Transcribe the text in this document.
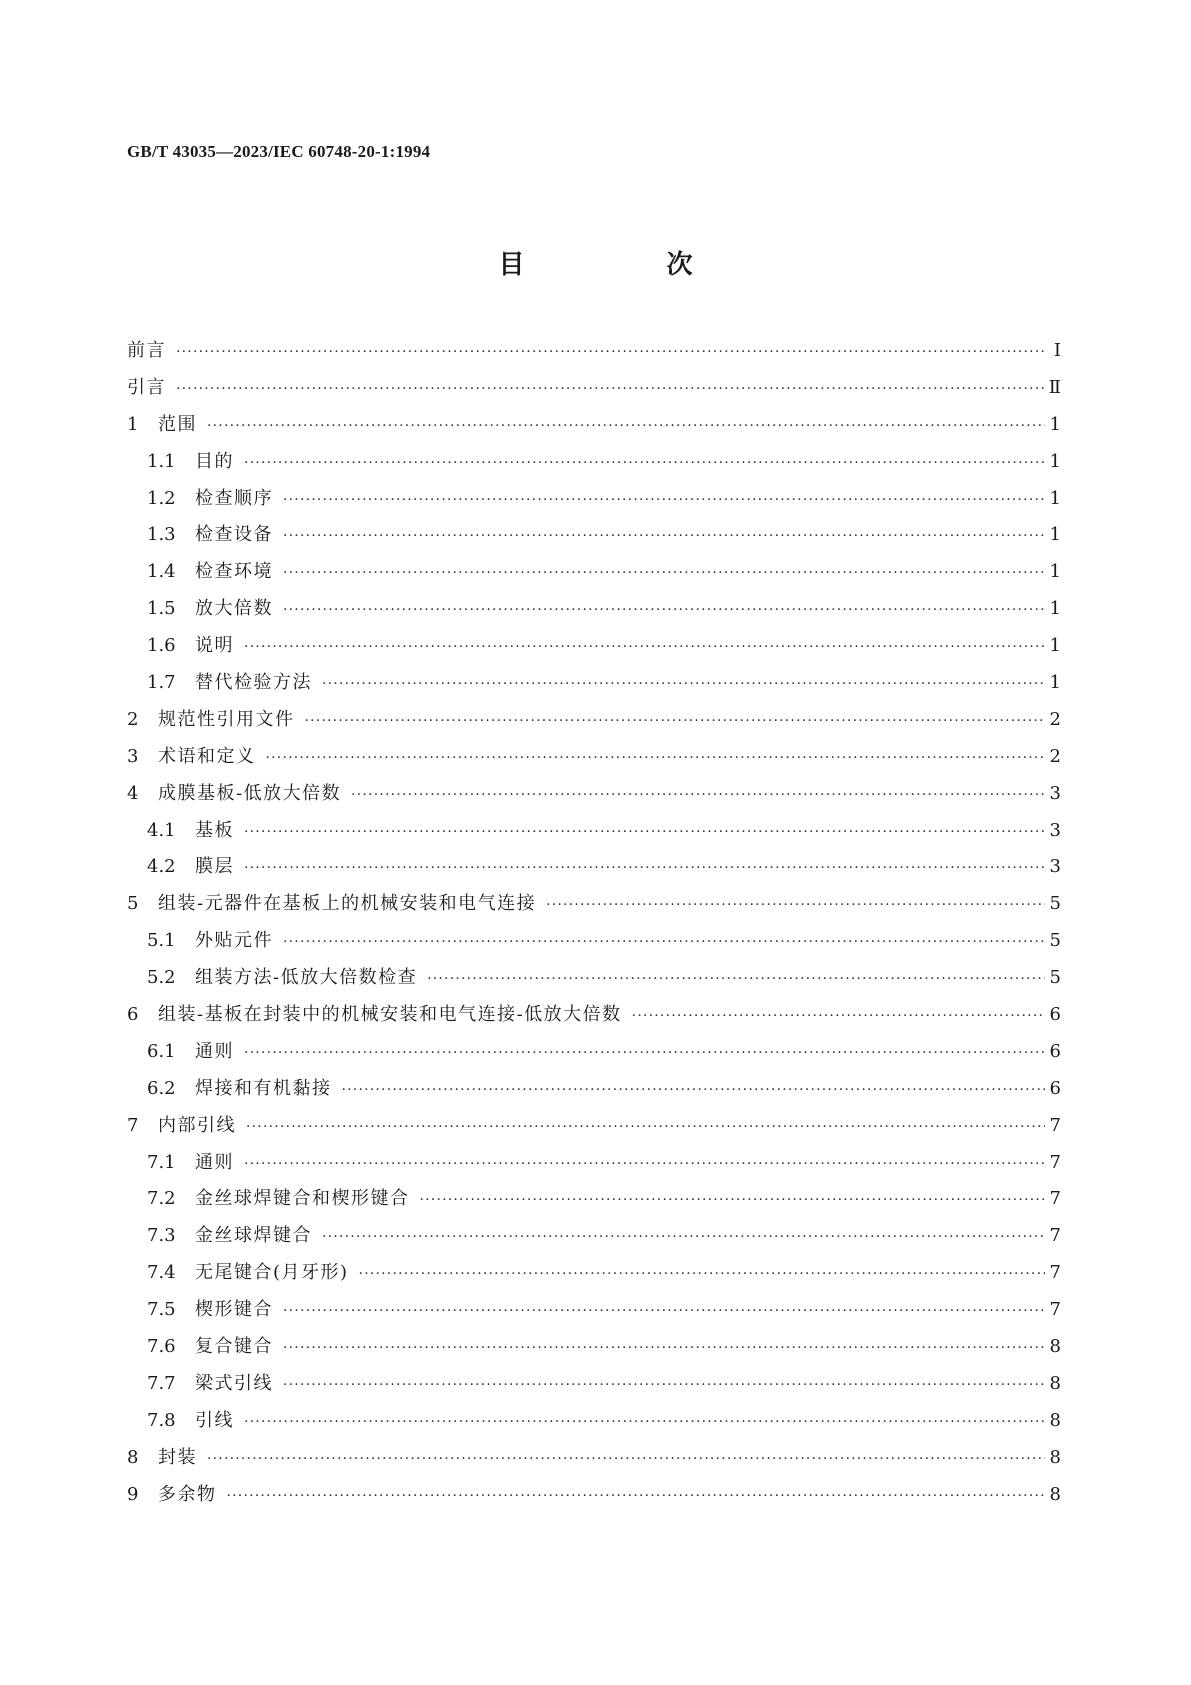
GB/T 43035—2023/IEC 60748-20-1:1994
目　次
前言 ·····	Ⅰ
引言 ·····	Ⅱ
1	范围 ·····	1
1.1	目的 ·····	1
1.2	检查顺序 ·····	1
1.3	检查设备 ·····	1
1.4	检查环境 ·····	1
1.5	放大倍数 ·····	1
1.6	说明 ·····	1
1.7	替代检验方法 ·····	1
2	规范性引用文件 ·····	2
3	术语和定义 ·····	2
4	成膜基板-低放大倍数 ·····	3
4.1	基板 ·····	3
4.2	膜层 ·····	3
5	组装-元器件在基板上的机械安装和电气连接 ·····	5
5.1	外贴元件 ·····	5
5.2	组装方法-低放大倍数检查 ·····	5
6	组装-基板在封装中的机械安装和电气连接-低放大倍数 ·····	6
6.1	通则 ·····	6
6.2	焊接和有机黏接 ·····	6
7	内部引线 ·····	7
7.1	通则 ·····	7
7.2	金丝球焊键合和楔形键合 ·····	7
7.3	金丝球焊键合 ·····	7
7.4	无尾键合(月牙形) ·····	7
7.5	楔形键合 ·····	7
7.6	复合键合 ·····	8
7.7	梁式引线 ·····	8
7.8	引线 ·····	8
8	封装 ·····	8
9	多余物 ·····	8
